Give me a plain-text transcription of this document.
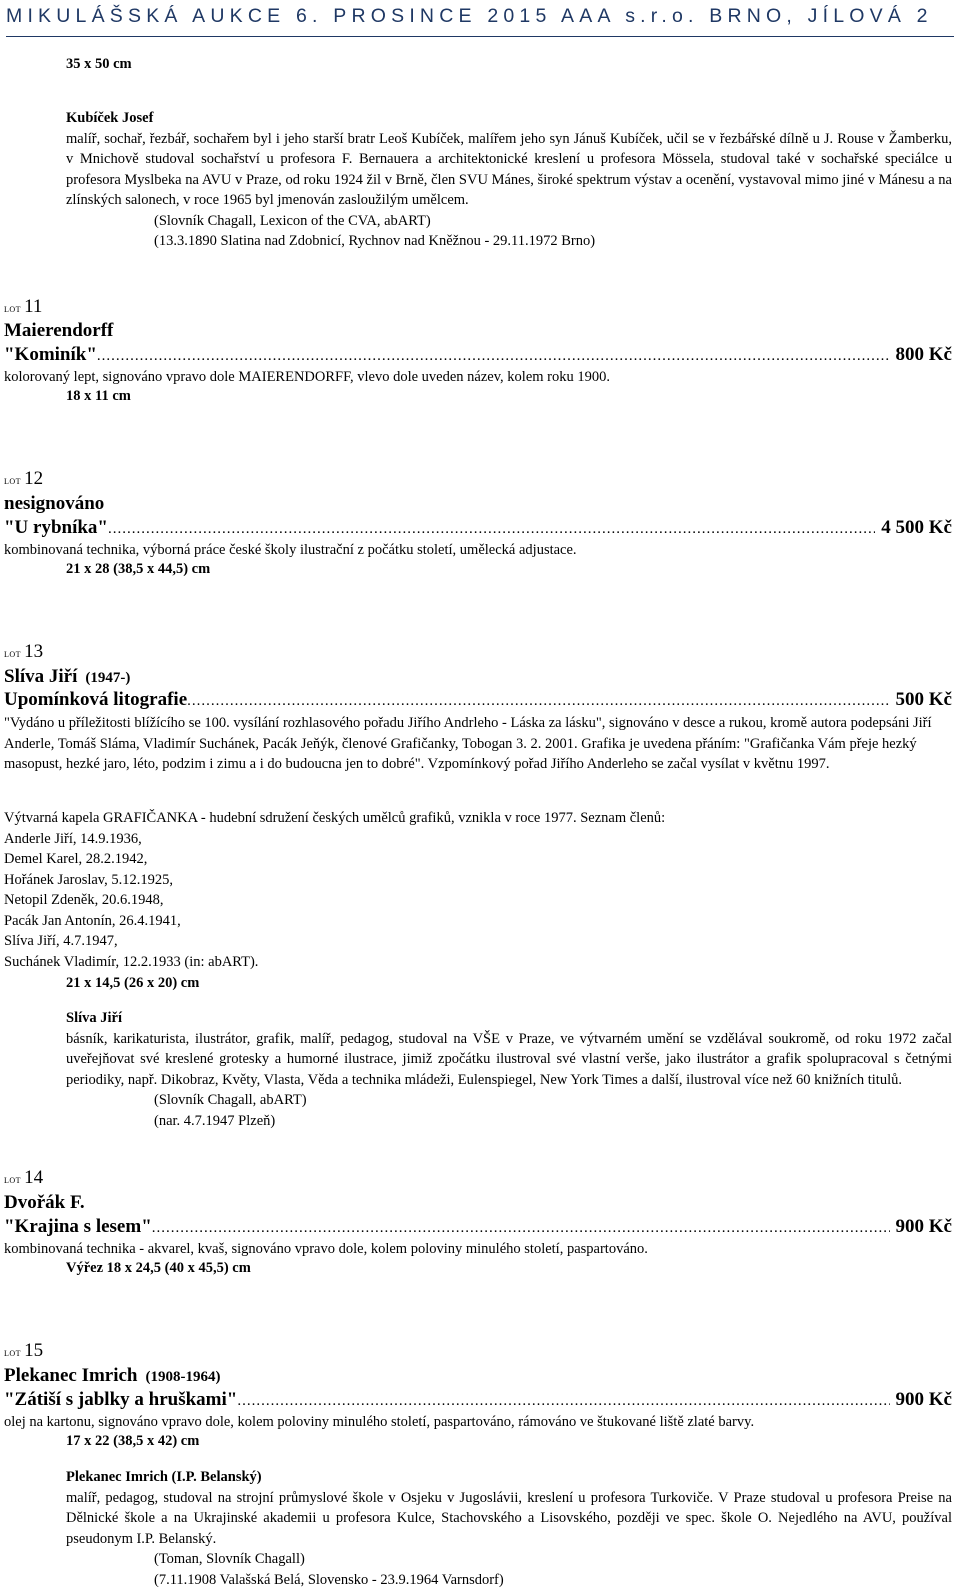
MIKULÁŠSKÁ AUKCE 6. PROSINCE 2015 AAA s.r.o. BRNO, JÍLOVÁ 2
35 x 50 cm
Kubíček Josef
malíř, sochař, řezbář, sochařem byl i jeho starší bratr Leoš Kubíček, malířem jeho syn Jánuš Kubíček, učil se v řezbářské dílně u J. Rouse v Žamberku, v Mnichově studoval sochařství u profesora F. Bernauera a architektonické kreslení u profesora Mössela, studoval také v sochařské speciálce u profesora Myslbeka na AVU v Praze, od roku 1924 žil v Brně, člen SVU Mánes, široké spektrum výstav a ocenění, vystavoval mimo jiné v Mánesu a na zlínských salonech, v roce 1965 byl jmenován zasloužilým umělcem.
(Slovník Chagall, Lexicon of the CVA, abART)
(13.3.1890 Slatina nad Zdobnicí, Rychnov nad Kněžnou - 29.11.1972 Brno)
LOT 11
Maierendorff
"Kominík" .....	800 Kč
kolorovaný lept, signováno vpravo dole MAIERENDORFF, vlevo dole uveden název, kolem roku 1900.
18 x 11 cm
LOT 12
nesignováno
"U rybníka" .....	4 500 Kč
kombinovaná technika, výborná práce české školy ilustrační z počátku století, umělecká adjustace.
21 x 28 (38,5 x 44,5) cm
LOT 13
Slíva Jiří (1947-)
Upomínková litografie .....	500 Kč
"Vydáno u příležitosti blížícího se 100. vysílání rozhlasového pořadu Jiřího Andrleho - Láska za lásku", signováno v desce a rukou, kromě autora podepsáni Jiří Anderle, Tomáš Sláma, Vladimír Suchánek, Pacák Jeňýk, členové Grafičanky, Tobogan 3. 2. 2001. Grafika je uvedena přáním: "Grafičanka Vám přeje hezký masopust, hezké jaro, léto, podzim i zimu a i do budoucna jen to dobré". Vzpomínkový pořad Jiřího Anderleho se začal vysílat v květnu 1997.
Výtvarná kapela GRAFIČANKA - hudební sdružení českých umělců grafiků, vznikla v roce 1977. Seznam členů:
Anderle Jiří, 14.9.1936,
Demel Karel, 28.2.1942,
Hořánek Jaroslav, 5.12.1925,
Netopil Zdeněk, 20.6.1948,
Pacák Jan Antonín, 26.4.1941,
Slíva Jiří, 4.7.1947,
Suchánek Vladimír, 12.2.1933 (in: abART).
21 x 14,5 (26 x 20) cm
Slíva Jiří
básník, karikaturista, ilustrátor, grafik, malíř, pedagog, studoval na VŠE v Praze, ve výtvarném umění se vzdělával soukromě, od roku 1972 začal uveřejňovat své kreslené grotesky a humorné ilustrace, jimiž zpočátku ilustroval své vlastní verše, jako ilustrátor a grafik spolupracoval s četnými periodiky, např. Dikobraz, Květy, Vlasta, Věda a technika mládeži, Eulenspiegel, New York Times a další, ilustroval více než 60 knižních titulů.
(Slovník Chagall, abART)
(nar. 4.7.1947 Plzeň)
LOT 14
Dvořák F.
"Krajina s lesem" .....	900 Kč
kombinovaná technika - akvarel, kvaš, signováno vpravo dole, kolem poloviny minulého století, paspartováno.
Výřez 18 x 24,5 (40 x 45,5) cm
LOT 15
Plekanec Imrich (1908-1964)
"Zátiší s jablky a hruškami" .....	900 Kč
olej na kartonu, signováno vpravo dole, kolem poloviny minulého století, paspartováno, rámováno ve štukované liště zlaté barvy.
17 x 22 (38,5 x 42) cm
Plekanec Imrich (I.P. Belanský)
malíř, pedagog, studoval na strojní průmyslové škole v Osjeku v Jugoslávii, kreslení u profesora Turkoviče. V Praze studoval u profesora Preise na Dělnické škole a na Ukrajinské akademii u profesora Kulce, Stachovského a Lisovského, později ve spec. škole O. Nejedlého na AVU, používal pseudonym I.P. Belanský.
(Toman, Slovník Chagall)
(7.11.1908 Valašská Belá, Slovensko - 23.9.1964 Varnsdorf)
